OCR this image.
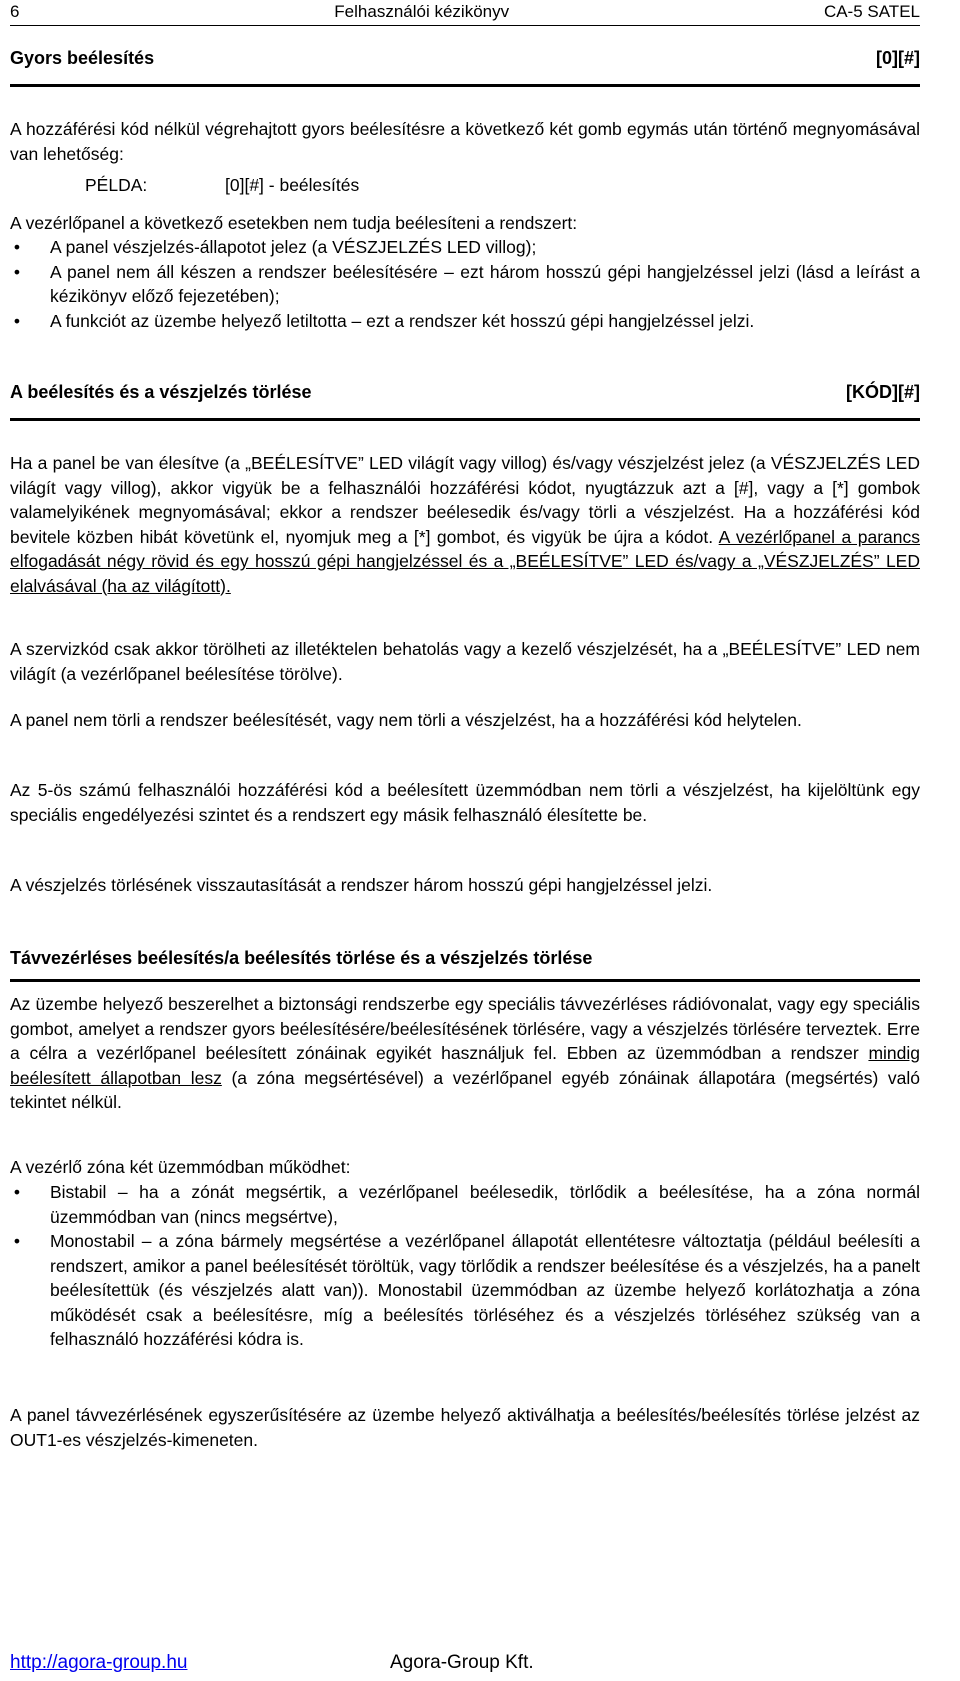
6	Felhasználói kézikönyv	CA-5 SATEL
Gyors beélesítés	[0][#]

A hozzáférési kód nélkül végrehajtott gyors beélesítésre a következő két gomb egymás után történő megnyomásával van lehetőség:

PÉLDA:	[0][#] - beélesítés

A vezérlőpanel a következő esetekben nem tudja beélesíteni a rendszert:

• A panel vészjelzés-állapotot jelez (a VÉSZJELZÉS LED villog);
• A panel nem áll készen a rendszer beélesítésére – ezt három hosszú gépi hangjelzéssel jelzi (lásd a leírást a kézikönyv előző fejezetében);
• A funkciót az üzembe helyező letiltotta – ezt a rendszer két hosszú gépi hangjelzéssel jelzi.
A beélesítés és a vészjelzés törlése	[KÓD][#]

Ha a panel be van élesítve (a „BEÉLESÍTVE” LED világít vagy villog) és/vagy vészjelzést jelez (a VÉSZJELZÉS LED világít vagy villog), akkor vigyük be a felhasználói hozzáférési kódot, nyugtázzuk azt a [#], vagy a [*] gombok valamelyikének megnyomásával; ekkor a rendszer beélesedik és/vagy törli a vészjelzést. Ha a hozzáférési kód bevitele közben hibát követünk el, nyomjuk meg a [*] gombot, és vigyük be újra a kódot. A vezérlőpanel a parancs elfogadását négy rövid és egy hosszú gépi hangjelzéssel és a „BEÉLESÍTVE” LED és/vagy a „VÉSZJELZÉS” LED elalvásával (ha az világított).

A szervizkód csak akkor törölheti az illetéktelen behatolás vagy a kezelő vészjelzését, ha a „BEÉLESÍTVE” LED nem világít (a vezérlőpanel beélesítése törölve).

A panel nem törli a rendszer beélesítését, vagy nem törli a vészjelzést, ha a hozzáférési kód helytelen.

Az 5-ös számú felhasználói hozzáférési kód a beélesített üzemmódban nem törli a vészjelzést, ha kijelöltünk egy speciális engedélyezési szintet és a rendszert egy másik felhasználó élesítette be.

A vészjelzés törlésének visszautasítását a rendszer három hosszú gépi hangjelzéssel jelzi.

Távvezérléses beélesítés/a beélesítés törlése és a vészjelzés törlése

Az üzembe helyező beszerelhet a biztonsági rendszerbe egy speciális távvezérléses rádióvonalat, vagy egy speciális gombot, amelyet a rendszer gyors beélesítésére/beélesítésének törlésére, vagy a vészjelzés törlésére terveztek. Erre a célra a vezérlőpanel beélesített zónáinak egyikét használjuk fel. Ebben az üzemmódban a rendszer mindig beélesített állapotban lesz (a zóna megsértésével) a vezérlőpanel egyéb zónáinak állapotára (megsértés) való tekintet nélkül.

A vezérlő zóna két üzemmódban működhet:

• Bistabil – ha a zónát megsértik, a vezérlőpanel beélesedik, törlődik a beélesítése, ha a zóna normál üzemmódban van (nincs megsértve),
• Monostabil – a zóna bármely megsértése a vezérlőpanel állapotát ellentétesre változtatja (például beélesíti a rendszert, amikor a panel beélesítését töröltük, vagy törlődik a rendszer beélesítése és a vészjelzés, ha a panelt beélesítettük (és vészjelzés alatt van)). Monostabil üzemmódban az üzembe helyező korlátozhatja a zóna működését csak a beélesítésre, míg a beélesítés törléséhez és a vészjelzés törléséhez szükség van a felhasználó hozzáférési kódra is.

A panel távvezérlésének egyszerűsítésére az üzembe helyező aktiválhatja a beélesítés/beélesítés törlése jelzést az OUT1-es vészjelzés-kimeneten.

http://agora-group.hu	Agora-Group Kft.
